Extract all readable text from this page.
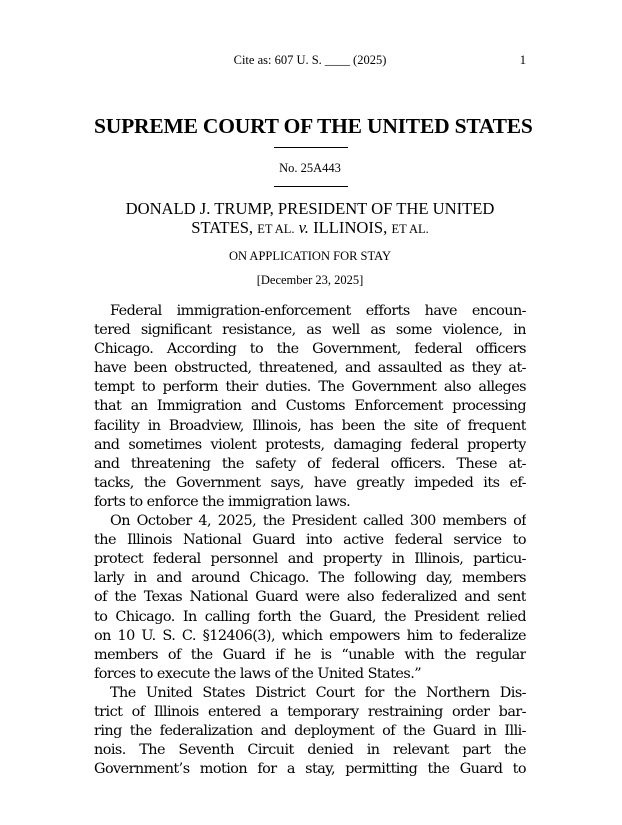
Cite as: 607 U. S. ____ (2025)	1
SUPREME COURT OF THE UNITED STATES
No. 25A443
DONALD J. TRUMP, PRESIDENT OF THE UNITED
STATES, ET AL. v. ILLINOIS, ET AL.
ON APPLICATION FOR STAY
[December 23, 2025]
Federal immigration-enforcement efforts have encoun-
tered significant resistance, as well as some violence, in
Chicago. According to the Government, federal officers
have been obstructed, threatened, and assaulted as they at-
tempt to perform their duties. The Government also alleges
that an Immigration and Customs Enforcement processing
facility in Broadview, Illinois, has been the site of frequent
and sometimes violent protests, damaging federal property
and threatening the safety of federal officers. These at-
tacks, the Government says, have greatly impeded its ef-
forts to enforce the immigration laws.
On October 4, 2025, the President called 300 members of
the Illinois National Guard into active federal service to
protect federal personnel and property in Illinois, particu-
larly in and around Chicago. The following day, members
of the Texas National Guard were also federalized and sent
to Chicago. In calling forth the Guard, the President relied
on 10 U. S. C. §12406(3), which empowers him to federalize
members of the Guard if he is “unable with the regular
forces to execute the laws of the United States.”
The United States District Court for the Northern Dis-
trict of Illinois entered a temporary restraining order bar-
ring the federalization and deployment of the Guard in Illi-
nois. The Seventh Circuit denied in relevant part the
Government’s motion for a stay, permitting the Guard to
